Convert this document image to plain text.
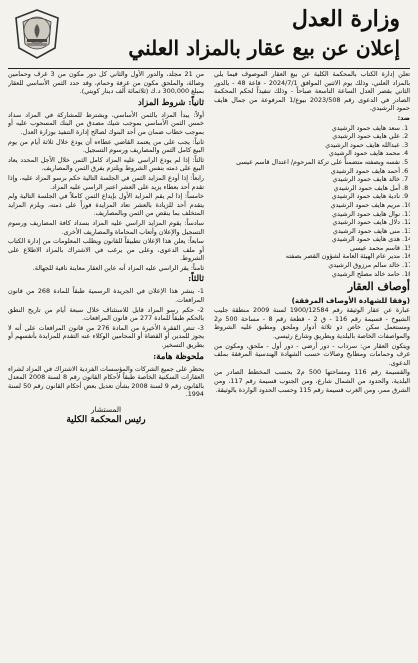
وزارة العدل
إعلان عن بيع عقار بالمزاد العلني

تعلن إدارة الكتاب بالمحكمة الكلية عن بيع العقار الموصوف فيما يلي بالمزاد العلني، وذلك يوم الاثنين الموافق 2024/7/1 - قاعة 48 - بالدور الثاني بقصر العدل الساعة التاسعة صباحاً - وذلك تنفيذاً لحكم المحكمة الصادر في الدعوى رقم 2023/508 بيوع/1 المرفوعة من جمال هايف حمود الرشيدي.

ضد:

1. سعد هايف حمود الرشيدي
2. علي هايف حمود الرشيدي
3. عبدالله هايف حمود الرشيدي
4. محمد هايف حمود الرشيدي
5. نفسه وبصفته متضمناً على تركة المرحوم/ اعتدال قاسم عيسى
6. أحمد هايف حمود الرشيدي
7. خالد هايف حمود الرشيدي
8. أمل هايف حمود الرشيدي
9. نادية هايف حمود الرشيدي
10. مريم هايف حمود الرشيدي
11. نوال هايف حمود الرشيدي
12. دلال هايف حمود الرشيدي
13. منى هايف حمود الرشيدي
14. هدى هايف حمود الرشيدي
15. قاسم محمد عيسى
16. مدير عام الهيئة العامة لشؤون القصر بصفته
17. خالد سالم مرزوق الرشيدي
18. حامد خالد مصلح الرشيدي
أوصاف العقار
(وفقا للشهادة الأوصاف المرفقة)

عبارة عن عقار الوثيقة رقم 1900/12584 لسنة 2009 منطقة جليب الشيوخ - قسيمة رقم 116 - ق 2 - قطعة رقم 8 - مساحة 500 م2 ومستعمل سكن خاص ذو ثلاثة أدوار وملحق ومطبق عليه الشروط والمواصفات الخاصة بالبلدية وبطريق وشارع رئيسي.

ويتكون العقار من: سرداب - دور أرضي - دور أول - ملحق، ومكون من غرف وحمامات ومطابخ وصالات حسب الشهادة الهندسية المرفقة بملف الدعوى.

والقسيمة رقم 116 ومساحتها 500 م2 بحسب المخطط الصادر من البلدية، والحدود من الشمال شارع، ومن الجنوب قسيمة رقم 117، ومن الشرق ممر، ومن الغرب قسيمة رقم 115 وحسب الحدود الواردة بالوثيقة.

من 21 مجلد، والدور الأول والثاني كل دور مكون من 3 غرف وحمامين وصالة، والملحق مكون من غرفة وحمام، وقد حدد الثمن الأساسي للعقار بمبلغ 300,000 د.ك (ثلاثمائة ألف دينار كويتي).

ثانياً: شروط المزاد

أولاً: يبدأ المزاد بالثمن الأساسي، ويشترط للمشاركة في المزاد سداد خمس الثمن الأساسي بموجب شيك مصدق من البنك المسحوب عليه أو بموجب خطاب ضمان من أحد البنوك لصالح إدارة التنفيذ بوزارة العدل.

ثانياً: يجب على من يعتمد القاضي عطاءه أن يودع خلال ثلاثة أيام من يوم البيع كامل الثمن والمصاريف ورسوم التسجيل.

ثالثاً: إذا لم يودع الراسي عليه المزاد كامل الثمن خلال الأجل المحدد يعاد البيع على ذمته بنفس الشروط ويلتزم بفرق الثمن والمصاريف.

رابعاً: إذا أودع المزايد الثمن في الجلسة التالية حكم برسو المزاد عليه، وإذا تقدم أحد بعطاء يزيد على العشر اعتبر الراسي عليه المزاد.

خامساً: إذا لم يقم المزايد الأول بإيداع الثمن كاملاً في الجلسة التالية ولم يتقدم أحد للزيادة بالعشر تعاد المزايدة فوراً على ذمته، ويلزم المزايد المتخلف بما ينقص من الثمن وبالمصاريف.

سادساً: يقوم المزايد الراسي عليه المزاد بسداد كافة المصاريف ورسوم التسجيل والإعلان وأتعاب المحاماة والمصاريف الأخرى.

سابعاً: يعلن هذا الإعلان تطبيقاً للقانون ويطلب المعلومات من إدارة الكتاب أو ملف الدعوى، وعلى من يرغب في الاشتراك بالمزاد الاطلاع على الشروط.

ثامناً: يقر الراسي عليه المزاد أنه عاين العقار معاينة نافية للجهالة.

ثالثاً:

1- ينشر هذا الإعلان في الجريدة الرسمية طبقاً للمادة 268 من قانون المرافعات.

2- حكم رسو المزاد قابل للاستئناف خلال سبعة أيام من تاريخ النطق بالحكم طبقاً للمادة 277 من قانون المرافعات.

3- تنص الفقرة الأخيرة من المادة 276 من قانون المرافعات على أنه لا يجوز للمدين أو القضاة أو المحامين الوكلاء عنه التقدم للمزايدة بأنفسهم أو بطريق التسخير.

ملحوظة هامة:

يحظر على جميع الشركات والمؤسسات الفردية الاشتراك في المزاد لشراء العقارات السكنية الخاصة طبقاً لأحكام القانون رقم 8 لسنة 2008 المعدل بالقانون رقم 9 لسنة 2008 بشأن تعديل بعض أحكام القانون رقم 50 لسنة 1994.

المستشار
رئيس المحكمة الكلية
